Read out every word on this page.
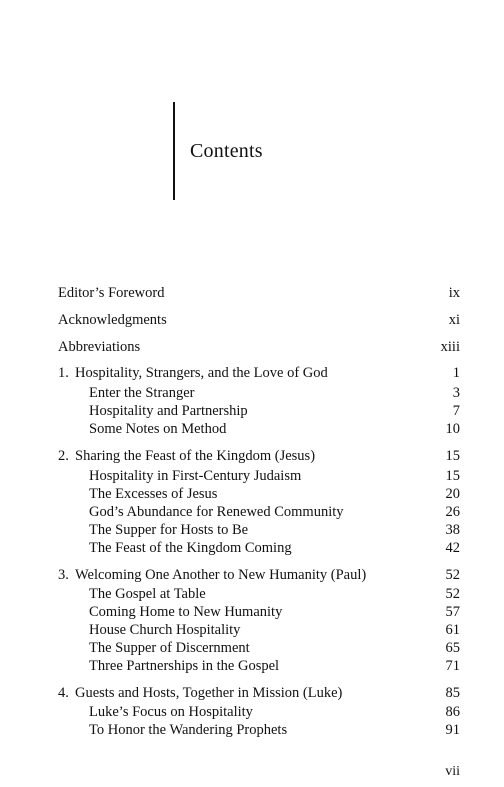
Contents
Editor’s Foreword	ix
Acknowledgments	xi
Abbreviations	xiii
1. Hospitality, Strangers, and the Love of God	1
Enter the Stranger	3
Hospitality and Partnership	7
Some Notes on Method	10
2. Sharing the Feast of the Kingdom (Jesus)	15
Hospitality in First-Century Judaism	15
The Excesses of Jesus	20
God’s Abundance for Renewed Community	26
The Supper for Hosts to Be	38
The Feast of the Kingdom Coming	42
3. Welcoming One Another to New Humanity (Paul)	52
The Gospel at Table	52
Coming Home to New Humanity	57
House Church Hospitality	61
The Supper of Discernment	65
Three Partnerships in the Gospel	71
4. Guests and Hosts, Together in Mission (Luke)	85
Luke’s Focus on Hospitality	86
To Honor the Wandering Prophets	91
vii
